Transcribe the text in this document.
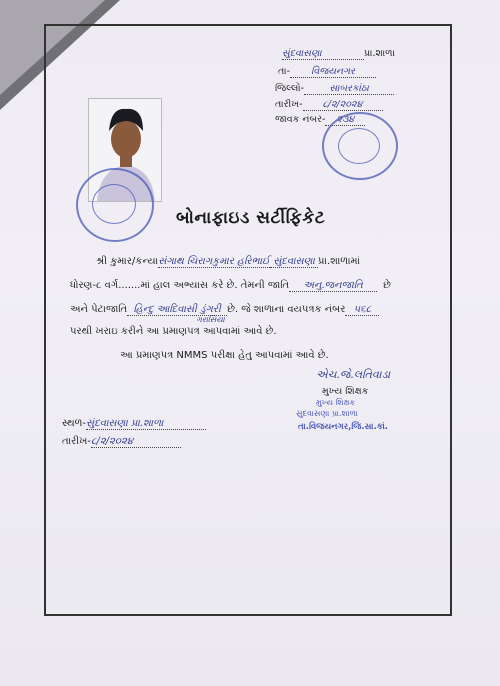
સુંદવાસણા	પ્રા.શાળા
તા- વિજયનગર
જિલ્લો-	સાબરકાંઠા
તારીખ- ૮/૨/૨૦૨૪
જાવક નંબર- ૨૩૪
બોનાફાઇડ સર્ટીફિકેટ
શ્રી કુમાર/કન્યાસંગાથ ચિરાગકુમાર હરિભાઈ સુંદવાસણા પ્રા.શાળામાં
ધોરણ-૮ વર્ગ.......માં હાલ અભ્યાસ કરે છે. તેમની જાતિ અનુ.જનજાતિ છે
અને પેટાજાતિ હિન્દુ આદિવાસી ડુંગરી છે. જે શાળાના વયપત્રક નંબર ૫૬૮
ગરાસિયા
પરથી ખરાઇ કરીને આ પ્રમાણપત્ર આપવામાં આવે છે.
આ પ્રમાણપત્ર NMMS પરીક્ષા હેતુ આપવામાં આવે છે.
એચ.જે.લતિવાડા
મુખ્ય શિક્ષક
મુખ્ય શિક્ષક
સુંદવાસણા પ્રા.શાળા
તા.વિજયનગર,જિ.સા.કાં.
સ્થળ-સુંદવાસણા પ્રા.શાળા
તારીખ-૮/૨/૨૦૨૪
